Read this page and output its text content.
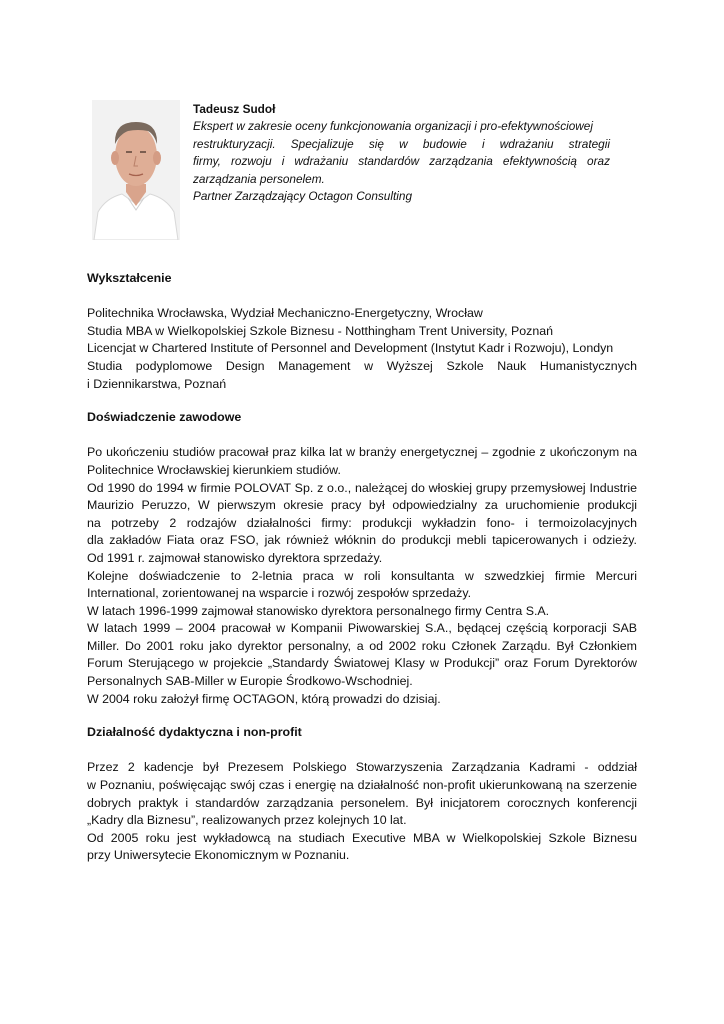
Tadeusz Sudoł
Ekspert w zakresie oceny funkcjonowania organizacji i pro-efektywnościowej
restrukturyzacji. Specjalizuje się w budowie i wdrażaniu strategii
firmy, rozwoju i wdrażaniu standardów zarządzania efektywnością oraz
zarządzania personelem.
Partner Zarządzający Octagon Consulting
Wykształcenie

Politechnika Wrocławska, Wydział Mechaniczno-Energetyczny, Wrocław

Studia MBA w Wielkopolskiej Szkole Biznesu - Notthingham Trent University, Poznań

Licencjat w Chartered Institute of Personnel and Development (Instytut Kadr i Rozwoju), Londyn

Studia podyplomowe Design Management w Wyższej Szkole Nauk Humanistycznych

i Dziennikarstwa, Poznań

Doświadczenie zawodowe

Po ukończeniu studiów pracował praz kilka lat w branży energetycznej – zgodnie z ukończonym na

Politechnice Wrocławskiej kierunkiem studiów.

Od 1990 do 1994 w firmie POLOVAT Sp. z o.o., należącej do włoskiej grupy przemysłowej Industrie

Maurizio Peruzzo, W pierwszym okresie pracy był odpowiedzialny za uruchomienie produkcji

na potrzeby 2 rodzajów działalności firmy: produkcji wykładzin fono- i termoizolacyjnych

dla zakładów Fiata oraz FSO, jak również włóknin do produkcji mebli tapicerowanych i odzieży.

Od 1991 r. zajmował stanowisko dyrektora sprzedaży.

Kolejne doświadczenie to 2-letnia praca w roli konsultanta w szwedzkiej firmie Mercuri

International, zorientowanej na wsparcie i rozwój zespołów sprzedaży.

W latach 1996-1999 zajmował stanowisko dyrektora personalnego firmy Centra S.A.

W latach 1999 – 2004 pracował w Kompanii Piwowarskiej S.A., będącej częścią korporacji SAB

Miller. Do 2001 roku jako dyrektor personalny, a od 2002 roku Członek Zarządu. Był Członkiem

Forum Sterującego w projekcie „Standardy Światowej Klasy w Produkcji” oraz Forum Dyrektorów

Personalnych SAB-Miller w Europie Środkowo-Wschodniej.

W 2004 roku założył firmę OCTAGON, którą prowadzi do dzisiaj.

Działalność dydaktyczna i non-profit

Przez 2 kadencje był Prezesem Polskiego Stowarzyszenia Zarządzania Kadrami - oddział

w Poznaniu, poświęcając swój czas i energię na działalność non-profit ukierunkowaną na szerzenie

dobrych praktyk i standardów zarządzania personelem. Był inicjatorem corocznych konferencji

„Kadry dla Biznesu”, realizowanych przez kolejnych 10 lat.

Od 2005 roku jest wykładowcą na studiach Executive MBA w Wielkopolskiej Szkole Biznesu

przy Uniwersytecie Ekonomicznym w Poznaniu.
